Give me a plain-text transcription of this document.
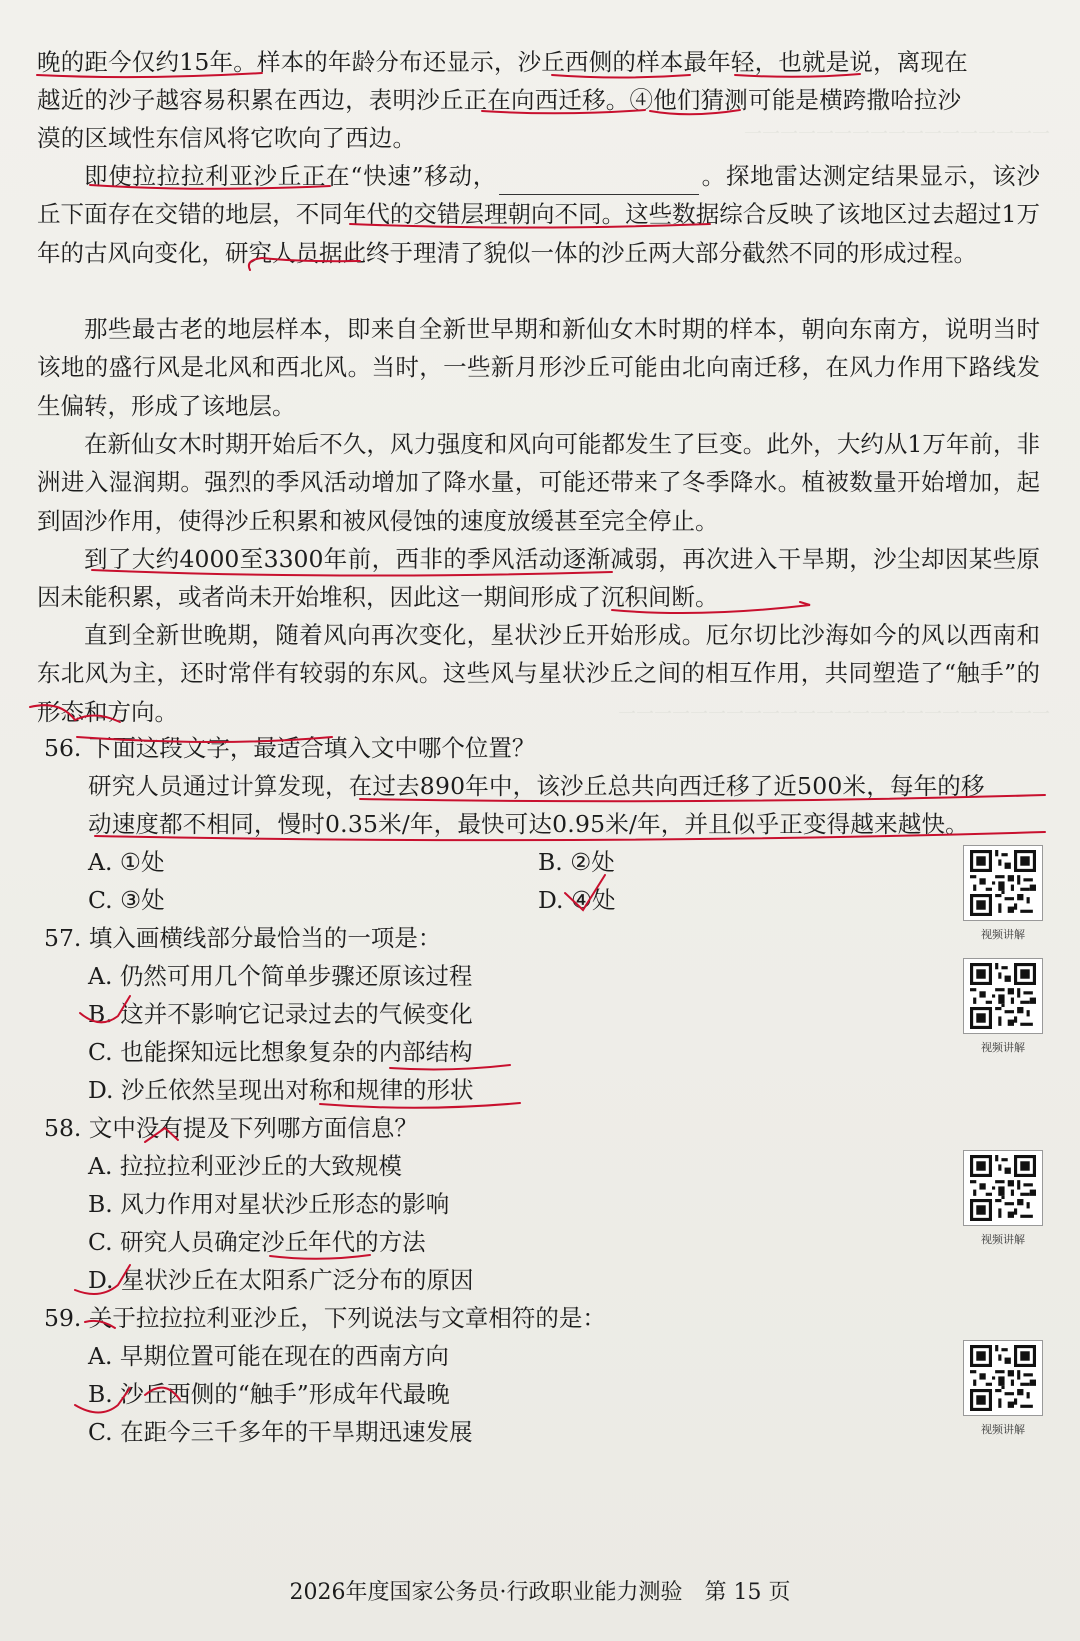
一一一一一一一一一一一一一一一一一
一一一一一一一一一一一一一一一一一一一一一一一一
晚的距今仅约15年。样本的年龄分布还显示，沙丘西侧的样本最年轻，也就是说，离现在
越近的沙子越容易积累在西边，表明沙丘正在向西迁移。④他们猜测可能是横跨撒哈拉沙
漠的区域性东信风将它吹向了西边。

即使拉拉拉利亚沙丘正在“快速”移动，	。探地雷达测定结果显示，该沙丘下面存在交错的地层，不同年代的交错层理朝向不同。这些数据综合反映了该地区过去超过1万年的古风向变化，研究人员据此终于理清了貌似一体的沙丘两大部分截然不同的形成过程。

那些最古老的地层样本，即来自全新世早期和新仙女木时期的样本，朝向东南方，说明当时该地的盛行风是北风和西北风。当时，一些新月形沙丘可能由北向南迁移，在风力作用下路线发生偏转，形成了该地层。

在新仙女木时期开始后不久，风力强度和风向可能都发生了巨变。此外，大约从1万年前，非洲进入湿润期。强烈的季风活动增加了降水量，可能还带来了冬季降水。植被数量开始增加，起到固沙作用，使得沙丘积累和被风侵蚀的速度放缓甚至完全停止。

到了大约4000至3300年前，西非的季风活动逐渐减弱，再次进入干旱期，沙尘却因某些原因未能积累，或者尚未开始堆积，因此这一期间形成了沉积间断。

直到全新世晚期，随着风向再次变化，星状沙丘开始形成。厄尔切比沙海如今的风以西南和东北风为主，还时常伴有较弱的东风。这些风与星状沙丘之间的相互作用，共同塑造了“触手”的形态和方向。

56. 下面这段文字，最适合填入文中哪个位置？
研究人员通过计算发现，在过去890年中，该沙丘总共向西迁移了近500米，每年的移
动速度都不相同，慢时0.35米/年，最快可达0.95米/年，并且似乎正变得越来越快。
A. ①处	B. ②处
C. ③处	D. ④处
57. 填入画横线部分最恰当的一项是：
A. 仍然可用几个简单步骤还原该过程
B. 这并不影响它记录过去的气候变化
C. 也能探知远比想象复杂的内部结构
D. 沙丘依然呈现出对称和规律的形状
58. 文中没有提及下列哪方面信息？
A. 拉拉拉利亚沙丘的大致规模
B. 风力作用对星状沙丘形态的影响
C. 研究人员确定沙丘年代的方法
D. 星状沙丘在太阳系广泛分布的原因
59. 关于拉拉拉利亚沙丘，下列说法与文章相符的是：
A. 早期位置可能在现在的西南方向
B. 沙丘西侧的“触手”形成年代最晚
C. 在距今三千多年的干旱期迅速发展
视频讲解
视频讲解
视频讲解
视频讲解
2026年度国家公务员·行政职业能力测验　第 15 页
